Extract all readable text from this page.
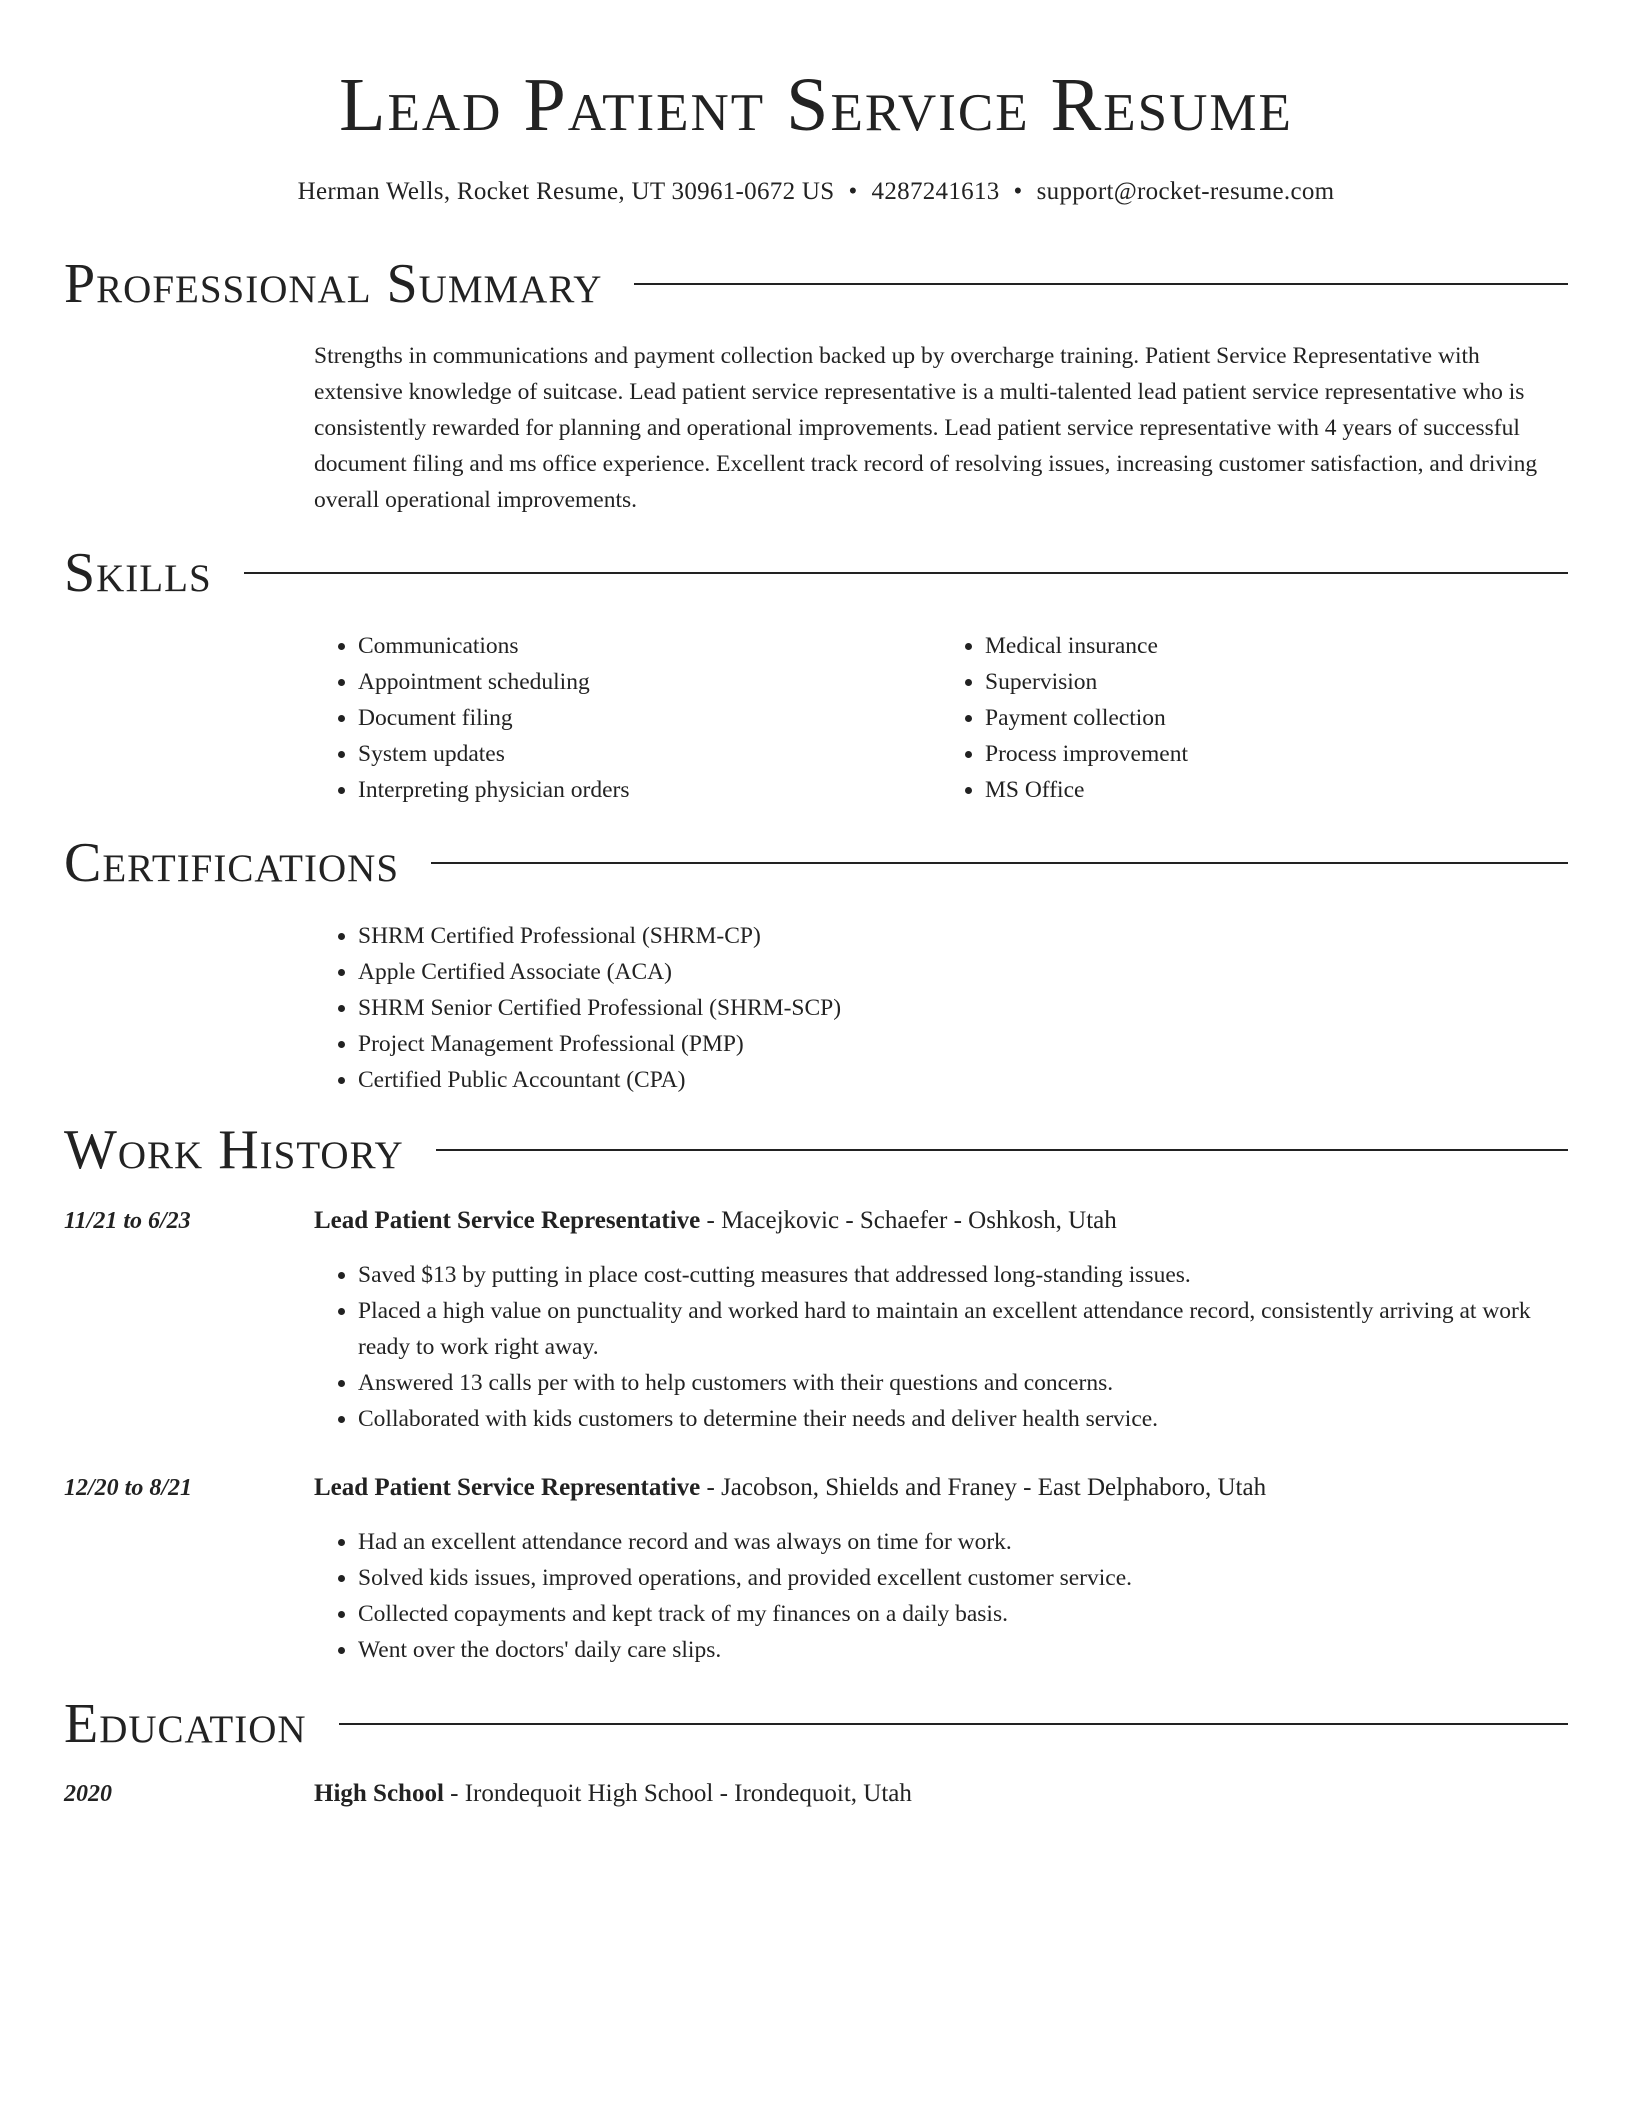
Lead Patient Service Resume
Herman Wells, Rocket Resume, UT 30961-0672 US • 4287241613 • support@rocket-resume.com
Professional Summary

Strengths in communications and payment collection backed up by overcharge training. Patient Service Representative with extensive knowledge of suitcase. Lead patient service representative is a multi-talented lead patient service representative who is consistently rewarded for planning and operational improvements. Lead patient service representative with 4 years of successful document filing and ms office experience. Excellent track record of resolving issues, increasing customer satisfaction, and driving overall operational improvements.

Skills
• Communications
• Appointment scheduling
• Document filing
• System updates
• Interpreting physician orders
• Medical insurance
• Supervision
• Payment collection
• Process improvement
• MS Office
Certifications
• SHRM Certified Professional (SHRM-CP)
• Apple Certified Associate (ACA)
• SHRM Senior Certified Professional (SHRM-SCP)
• Project Management Professional (PMP)
• Certified Public Accountant (CPA)
Work History
11/21 to 6/23	Lead Patient Service Representative - Macejkovic - Schaefer - Oshkosh, Utah
• Saved $13 by putting in place cost-cutting measures that addressed long-standing issues.
• Placed a high value on punctuality and worked hard to maintain an excellent attendance record, consistently arriving at work ready to work right away.
• Answered 13 calls per with to help customers with their questions and concerns.
• Collaborated with kids customers to determine their needs and deliver health service.
12/20 to 8/21	Lead Patient Service Representative - Jacobson, Shields and Franey - East Delphaboro, Utah
• Had an excellent attendance record and was always on time for work.
• Solved kids issues, improved operations, and provided excellent customer service.
• Collected copayments and kept track of my finances on a daily basis.
• Went over the doctors' daily care slips.
Education
2020	High School - Irondequoit High School - Irondequoit, Utah
